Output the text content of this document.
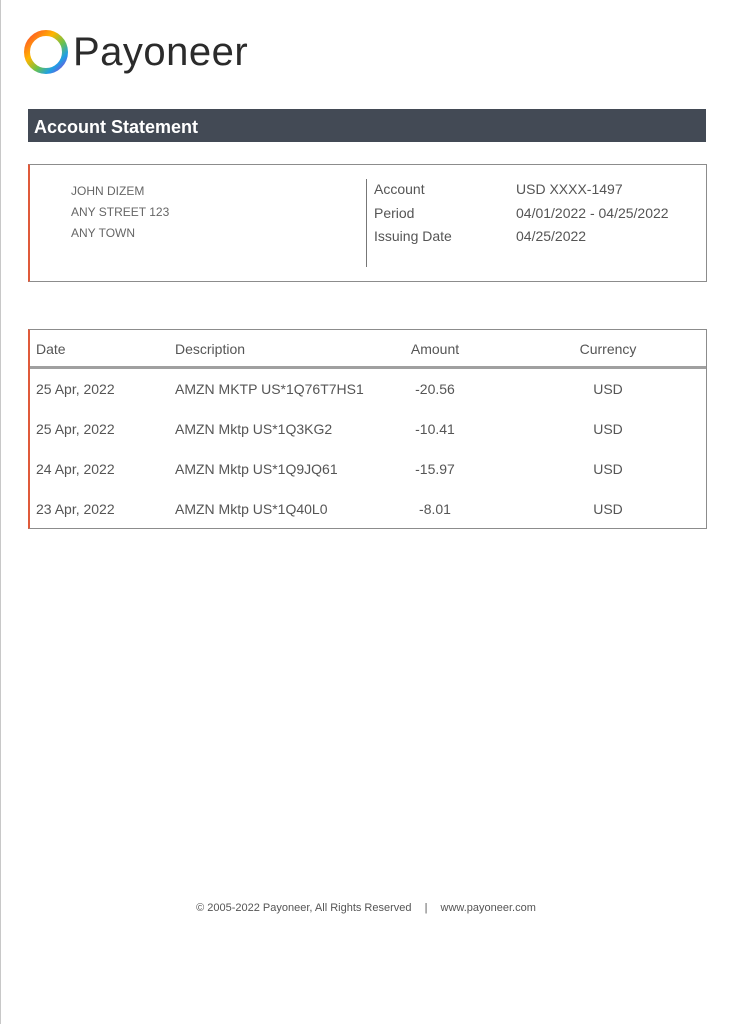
Payoneer
Account Statement
JOHN DIZEM
ANY STREET 123
ANY TOWN
Account	USD XXXX-1497
Period	04/01/2022 - 04/25/2022
Issuing Date	04/25/2022
Date	Description	Amount	Currency
25 Apr, 2022	AMZN MKTP US*1Q76T7HS1	-20.56	USD
25 Apr, 2022	AMZN Mktp US*1Q3KG2	-10.41	USD
24 Apr, 2022	AMZN Mktp US*1Q9JQ61	-15.97	USD
23 Apr, 2022	AMZN Mktp US*1Q40L0	-8.01	USD
© 2005-2022 Payoneer, All Rights Reserved | www.payoneer.com
